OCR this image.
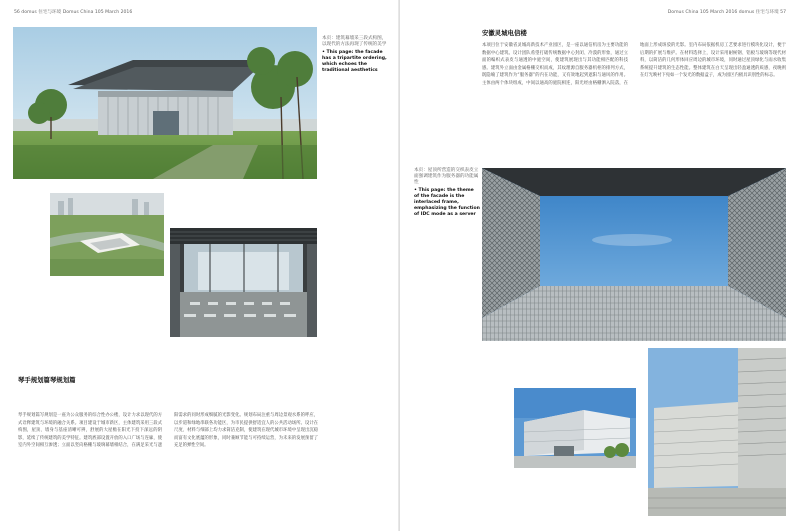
56 domus 住宅与环境 Domus China 105 March 2016
本页：建筑幕墙采三段式构图，以现代的方法再现了传统的美学
• This page: the facade has a tripartite ordering, which echoes the traditional aesthetics
琴手规划篇琴规划篇
琴手规划篇写规划是一座为公众服务的综合性办公楼，设计力求以现代的方式诠释建筑与环境的融合关系。项目建设于城市新区，主体建筑采用三段式构图，屋顶、墙身与基座清晰可辨，舒展的大屋檐在阳光下投下深远的阴影，延续了传统建筑的美学特征。建筑底部设置开放的入口广场与连廊，使室内外空间相互渗透；立面以竖向格栅与玻璃幕墙相结合，在满足采光与遮阳需求的同时形成细腻的光影变化。规划布局注重与周边景观水系的呼应，以步道和绿地串联各功能区，为市民提供舒适宜人的公共活动场所。设计在尺度、材料与细部上均力求简洁克制，使建筑在现代城市环境中呈现出沉稳而富有文化底蕴的形象，同时兼顾节能与可持续运营，为未来的发展预留了充足的弹性空间。
Domus China 105 March 2016 domus 住宅与环境 57
安徽灵城电信楼
本项目位于安徽省灵城高新技术产业园区，是一座以通信机房为主要功能的数据中心建筑。设计团队希望打破传统数据中心封闭、冷漠的形象，通过立面的编织式表皮与通透的中庭空间，使建筑展现出与其功能相匹配的科技感。建筑外立面由金属格栅交织而成，其纹理源自服务器机柜的排列方式，既隐喻了建筑作为“服务器”的内在功能，又有效地起到遮阳与通风的作用。主体由两个体块组成，中间以通高的庭院相连，阳光经由格栅洒入院落，在地面上形成斑驳的光影。室内布局依据机房工艺要求进行模块化设计，便于后期的扩展与维护。在材料选择上，设计采用耐候钢、铝板与玻璃等现代材料，以简洁的几何形体回应周边的城市环境，同时通过屋顶绿化与雨水收集系统提升建筑的生态性能。整体建筑在白天呈现出轻盈通透的质感，夜晚则在灯光映衬下宛如一个发光的数据盒子，成为园区内极具识别性的标志。
本页：屋顶所营造的交织表皮立面强调建筑作为服务器的功能属性
• This page: the theme of the facade is the interlaced frame, emphasizing the function of IDC mode as a server
